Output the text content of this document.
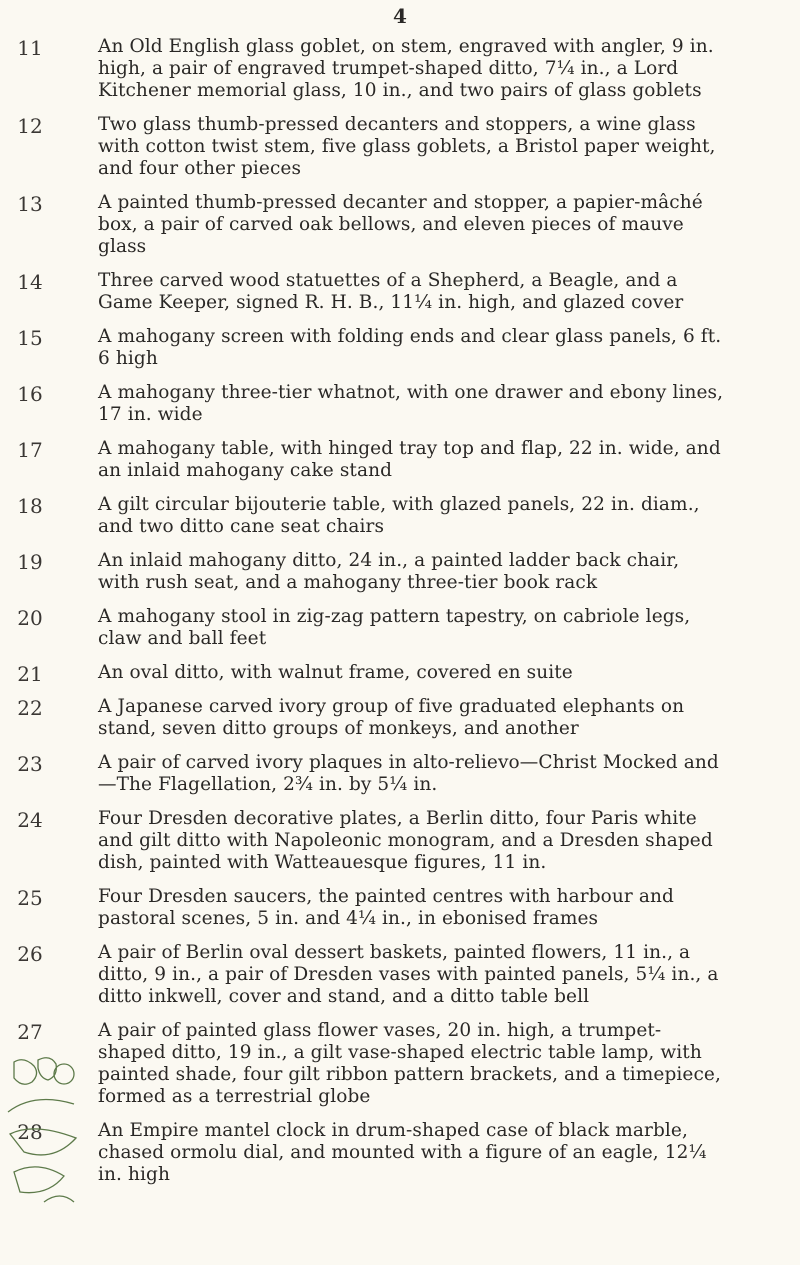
4
11	An Old English glass goblet, on stem, engraved with angler, 9 in. high, a pair of engraved trumpet-shaped ditto, 7¼ in., a Lord Kitchener memorial glass, 10 in., and two pairs of glass goblets
12	Two glass thumb-pressed decanters and stoppers, a wine glass with cotton twist stem, five glass goblets, a Bristol paper weight, and four other pieces
13	A painted thumb-pressed decanter and stopper, a papier-mâché box, a pair of carved oak bellows, and eleven pieces of mauve glass
14	Three carved wood statuettes of a Shepherd, a Beagle, and a Game Keeper, signed R. H. B., 11¼ in. high, and glazed cover
15	A mahogany screen with folding ends and clear glass panels, 6 ft. 6 high
16	A mahogany three-tier whatnot, with one drawer and ebony lines, 17 in. wide
17	A mahogany table, with hinged tray top and flap, 22 in. wide, and an inlaid mahogany cake stand
18	A gilt circular bijouterie table, with glazed panels, 22 in. diam., and two ditto cane seat chairs
19	An inlaid mahogany ditto, 24 in., a painted ladder back chair, with rush seat, and a mahogany three-tier book rack
20	A mahogany stool in zig-zag pattern tapestry, on cabriole legs, claw and ball feet
21	An oval ditto, with walnut frame, covered en suite
22	A Japanese carved ivory group of five graduated elephants on stand, seven ditto groups of monkeys, and another
23	A pair of carved ivory plaques in alto-relievo—Christ Mocked and—The Flagellation, 2¾ in. by 5¼ in.
24	Four Dresden decorative plates, a Berlin ditto, four Paris white and gilt ditto with Napoleonic monogram, and a Dresden shaped dish, painted with Watteauesque figures, 11 in.
25	Four Dresden saucers, the painted centres with harbour and pastoral scenes, 5 in. and 4¼ in., in ebonised frames
26	A pair of Berlin oval dessert baskets, painted flowers, 11 in., a ditto, 9 in., a pair of Dresden vases with painted panels, 5¼ in., a ditto inkwell, cover and stand, and a ditto table bell
27	A pair of painted glass flower vases, 20 in. high, a trumpet-shaped ditto, 19 in., a gilt vase-shaped electric table lamp, with painted shade, four gilt ribbon pattern brackets, and a timepiece, formed as a terrestrial globe
28	An Empire mantel clock in drum-shaped case of black marble, chased ormolu dial, and mounted with a figure of an eagle, 12¼ in. high
